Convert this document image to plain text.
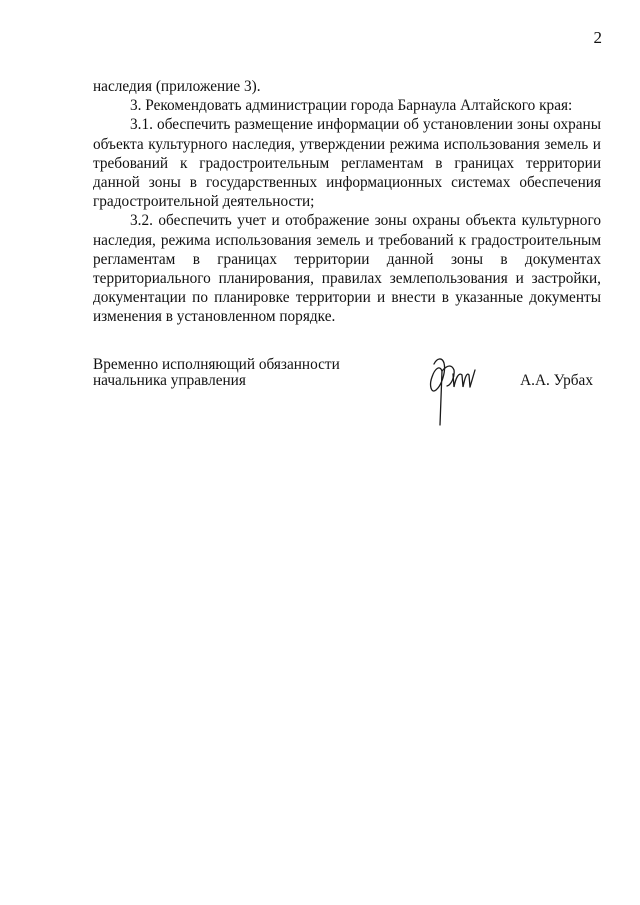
2

наследия (приложение 3).

3. Рекомендовать администрации города Барнаула Алтайского края:

3.1. обеспечить размещение информации об установлении зоны охраны объекта культурного наследия, утверждении режима использования земель и требований к градостроительным регламентам в границах территории данной зоны в государственных информационных системах обеспечения градостроительной деятельности;

3.2. обеспечить учет и отображение зоны охраны объекта культурного наследия, режима использования земель и требований к градостроительным регламентам в границах территории данной зоны в документах территориального планирования, правилах землепользования и застройки, документации по планировке территории и внести в указанные документы изменения в установленном порядке.

Временно исполняющий обязанности
начальника управления	А.А. Урбах
